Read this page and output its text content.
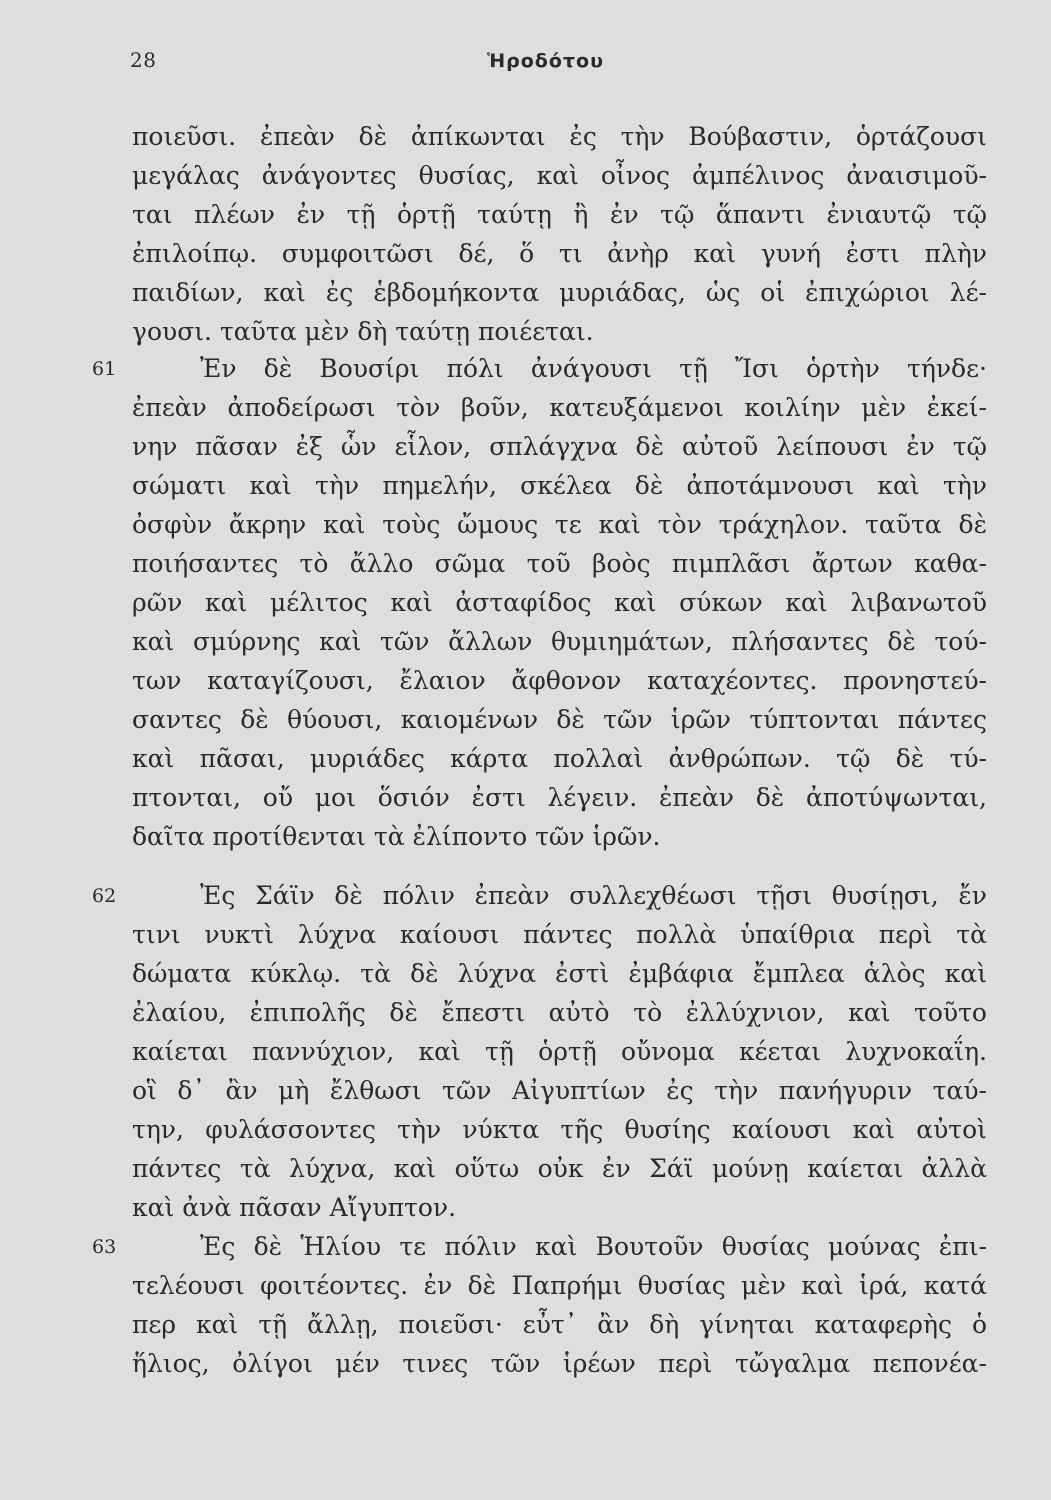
28	Ἡροδότου
61
62
63
ποιεῦσι. ἐπεὰν δὲ ἀπίκωνται ἐς τὴν Βούβαστιν, ὁρτάζουσι
μεγάλας ἀνάγοντες θυσίας, καὶ οἶνος ἀμπέλινος ἀναισιμοῦ-
ται πλέων ἐν τῇ ὁρτῇ ταύτῃ ἢ ἐν τῷ ἅπαντι ἐνιαυτῷ τῷ
ἐπιλοίπῳ. συμφοιτῶσι δέ, ὅ τι ἀνὴρ καὶ γυνή ἐστι πλὴν
παιδίων, καὶ ἐς ἑβδομήκοντα μυριάδας, ὡς οἱ ἐπιχώριοι λέ-
γουσι. ταῦτα μὲν δὴ ταύτῃ ποιέεται.
Ἐν δὲ Βουσίρι πόλι ἀνάγουσι τῇ Ἴσι ὁρτὴν τήνδε·
ἐπεὰν ἀποδείρωσι τὸν βοῦν, κατευξάμενοι κοιλίην μὲν ἐκεί-
νην πᾶσαν ἐξ ὧν εἷλον, σπλάγχνα δὲ αὐτοῦ λείπουσι ἐν τῷ
σώματι καὶ τὴν πημελήν, σκέλεα δὲ ἀποτάμνουσι καὶ τὴν
ὀσφὺν ἄκρην καὶ τοὺς ὤμους τε καὶ τὸν τράχηλον. ταῦτα δὲ
ποιήσαντες τὸ ἄλλο σῶμα τοῦ βοὸς πιμπλᾶσι ἄρτων καθα-
ρῶν καὶ μέλιτος καὶ ἀσταφίδος καὶ σύκων καὶ λιβανωτοῦ
καὶ σμύρνης καὶ τῶν ἄλλων θυμιημάτων, πλήσαντες δὲ τού-
των καταγίζουσι, ἔλαιον ἄφθονον καταχέοντες. προνηστεύ-
σαντες δὲ θύουσι, καιομένων δὲ τῶν ἱρῶν τύπτονται πάντες
καὶ πᾶσαι, μυριάδες κάρτα πολλαὶ ἀνθρώπων. τῷ δὲ τύ-
πτονται, οὔ μοι ὅσιόν ἐστι λέγειν. ἐπεὰν δὲ ἀποτύψωνται,
δαῖτα προτίθενται τὰ ἐλίποντο τῶν ἱρῶν.
Ἐς Σάϊν δὲ πόλιν ἐπεὰν συλλεχθέωσι τῇσι θυσίῃσι, ἔν
τινι νυκτὶ λύχνα καίουσι πάντες πολλὰ ὑπαίθρια περὶ τὰ
δώματα κύκλῳ. τὰ δὲ λύχνα ἐστὶ ἐμβάφια ἔμπλεα ἁλὸς καὶ
ἐλαίου, ἐπιπολῆς δὲ ἔπεστι αὐτὸ τὸ ἐλλύχνιον, καὶ τοῦτο
καίεται παννύχιον, καὶ τῇ ὁρτῇ οὔνομα κέεται λυχνοκαΐη.
οἳ δ᾽ ἂν μὴ ἔλθωσι τῶν Αἰγυπτίων ἐς τὴν πανήγυριν ταύ-
την, φυλάσσοντες τὴν νύκτα τῆς θυσίης καίουσι καὶ αὐτοὶ
πάντες τὰ λύχνα, καὶ οὕτω οὐκ ἐν Σάϊ μούνῃ καίεται ἀλλὰ
καὶ ἀνὰ πᾶσαν Αἴγυπτον.
Ἐς δὲ Ἡλίου τε πόλιν καὶ Βουτοῦν θυσίας μούνας ἐπι-
τελέουσι φοιτέοντες. ἐν δὲ Παπρήμι θυσίας μὲν καὶ ἱρά, κατά
περ καὶ τῇ ἄλλῃ, ποιεῦσι· εὖτ᾽ ἂν δὴ γίνηται καταφερὴς ὁ
ἥλιος, ὀλίγοι μέν τινες τῶν ἱρέων περὶ τὤγαλμα πεπονέα-
